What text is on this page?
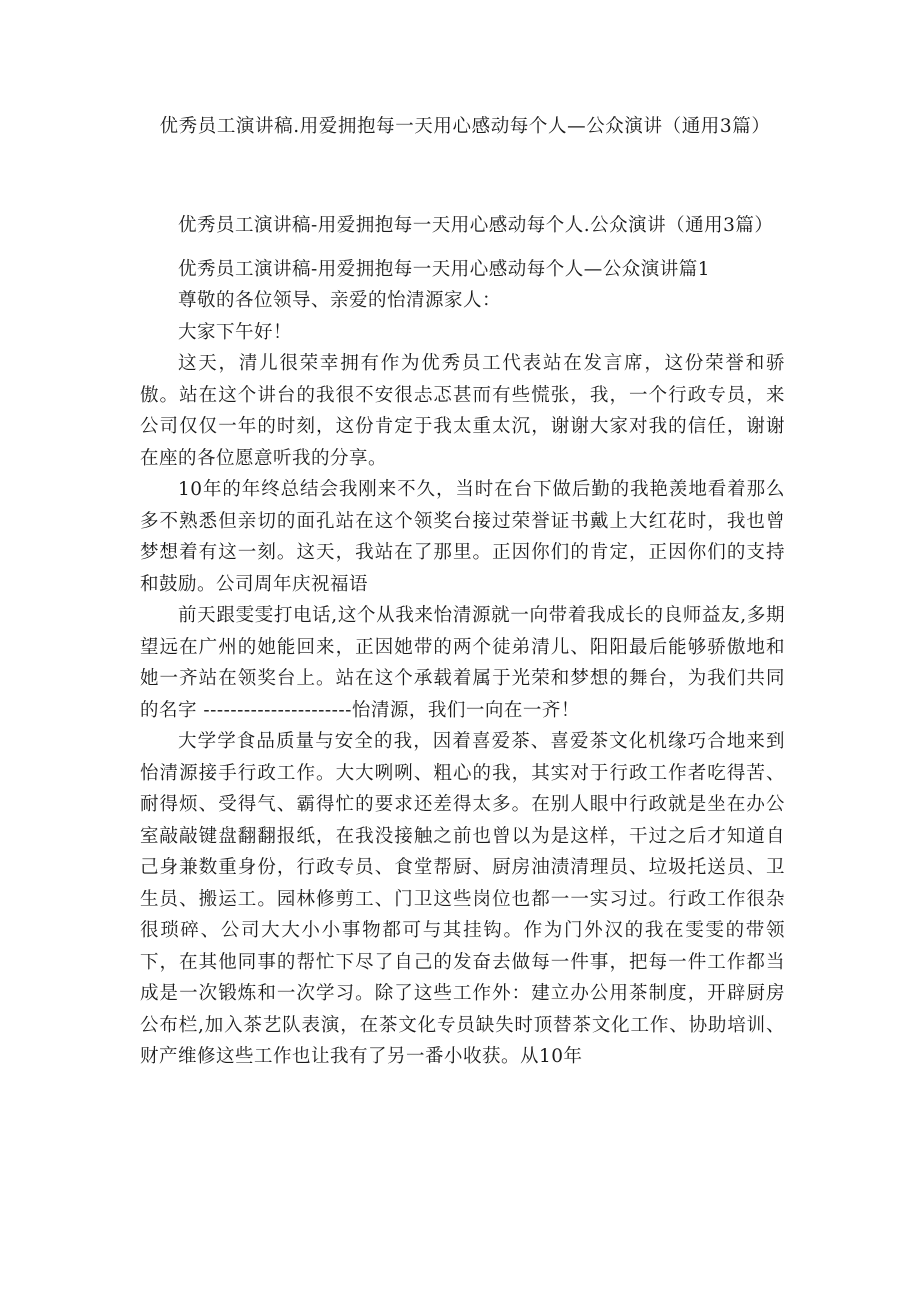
优秀员工演讲稿.用爱拥抱每一天用心感动每个人—公众演讲（通用3篇）

优秀员工演讲稿-用爱拥抱每一天用心感动每个人.公众演讲（通用3篇）

优秀员工演讲稿-用爱拥抱每一天用心感动每个人—公众演讲篇1

尊敬的各位领导、亲爱的怡清源家人：

大家下午好！

这天，清儿很荣幸拥有作为优秀员工代表站在发言席，这份荣誉和骄傲。站在这个讲台的我很不安很忐忑甚而有些慌张，我，一个行政专员，来公司仅仅一年的时刻，这份肯定于我太重太沉，谢谢大家对我的信任，谢谢在座的各位愿意听我的分享。

10年的年终总结会我刚来不久，当时在台下做后勤的我艳羡地看着那么多不熟悉但亲切的面孔站在这个领奖台接过荣誉证书戴上大红花时，我也曾梦想着有这一刻。这天，我站在了那里。正因你们的肯定，正因你们的支持和鼓励。公司周年庆祝福语

前天跟雯雯打电话,这个从我来怡清源就一向带着我成长的良师益友,多期望远在广州的她能回来，正因她带的两个徒弟清儿、阳阳最后能够骄傲地和她一齐站在领奖台上。站在这个承载着属于光荣和梦想的舞台，为我们共同的名字 ----------------------怡清源，我们一向在一齐！

大学学食品质量与安全的我，因着喜爱茶、喜爱茶文化机缘巧合地来到怡清源接手行政工作。大大咧咧、粗心的我，其实对于行政工作者吃得苦、耐得烦、受得气、霸得忙的要求还差得太多。在别人眼中行政就是坐在办公室敲敲键盘翻翻报纸，在我没接触之前也曾以为是这样，干过之后才知道自己身兼数重身份，行政专员、食堂帮厨、厨房油渍清理员、垃圾托送员、卫生员、搬运工。园林修剪工、门卫这些岗位也都一一实习过。行政工作很杂很琐碎、公司大大小小事物都可与其挂钩。作为门外汉的我在雯雯的带领下，在其他同事的帮忙下尽了自己的发奋去做每一件事，把每一件工作都当成是一次锻炼和一次学习。除了这些工作外：建立办公用茶制度，开辟厨房公布栏,加入茶艺队表演，在茶文化专员缺失时顶替茶文化工作、协助培训、财产维修这些工作也让我有了另一番小收获。从10年
